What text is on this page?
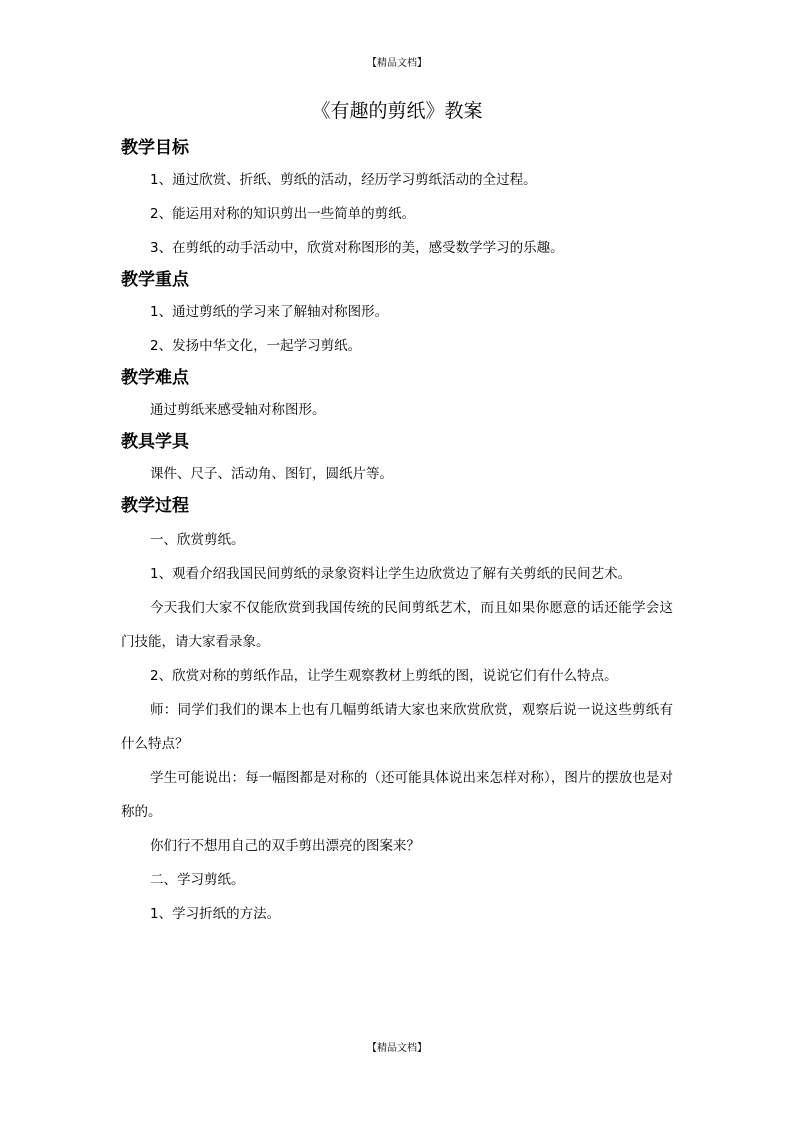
【精品文档】
《有趣的剪纸》教案
教学目标

1、通过欣赏、折纸、剪纸的活动，经历学习剪纸活动的全过程。

2、能运用对称的知识剪出一些简单的剪纸。

3、在剪纸的动手活动中，欣赏对称图形的美，感受数学学习的乐趣。

教学重点

1、通过剪纸的学习来了解轴对称图形。

2、发扬中华文化，一起学习剪纸。

教学难点

通过剪纸来感受轴对称图形。

教具学具

课件、尺子、活动角、图钉，圆纸片等。

教学过程

一、欣赏剪纸。

1、观看介绍我国民间剪纸的录象资料让学生边欣赏边了解有关剪纸的民间艺术。

今天我们大家不仅能欣赏到我国传统的民间剪纸艺术，而且如果你愿意的话还能学会这门技能，请大家看录象。

2、欣赏对称的剪纸作品，让学生观察教材上剪纸的图，说说它们有什么特点。

师：同学们我们的课本上也有几幅剪纸请大家也来欣赏欣赏，观察后说一说这些剪纸有什么特点？

学生可能说出：每一幅图都是对称的（还可能具体说出来怎样对称），图片的摆放也是对称的。

你们行不想用自己的双手剪出漂亮的图案来？

二、学习剪纸。

1、学习折纸的方法。

【精品文档】
